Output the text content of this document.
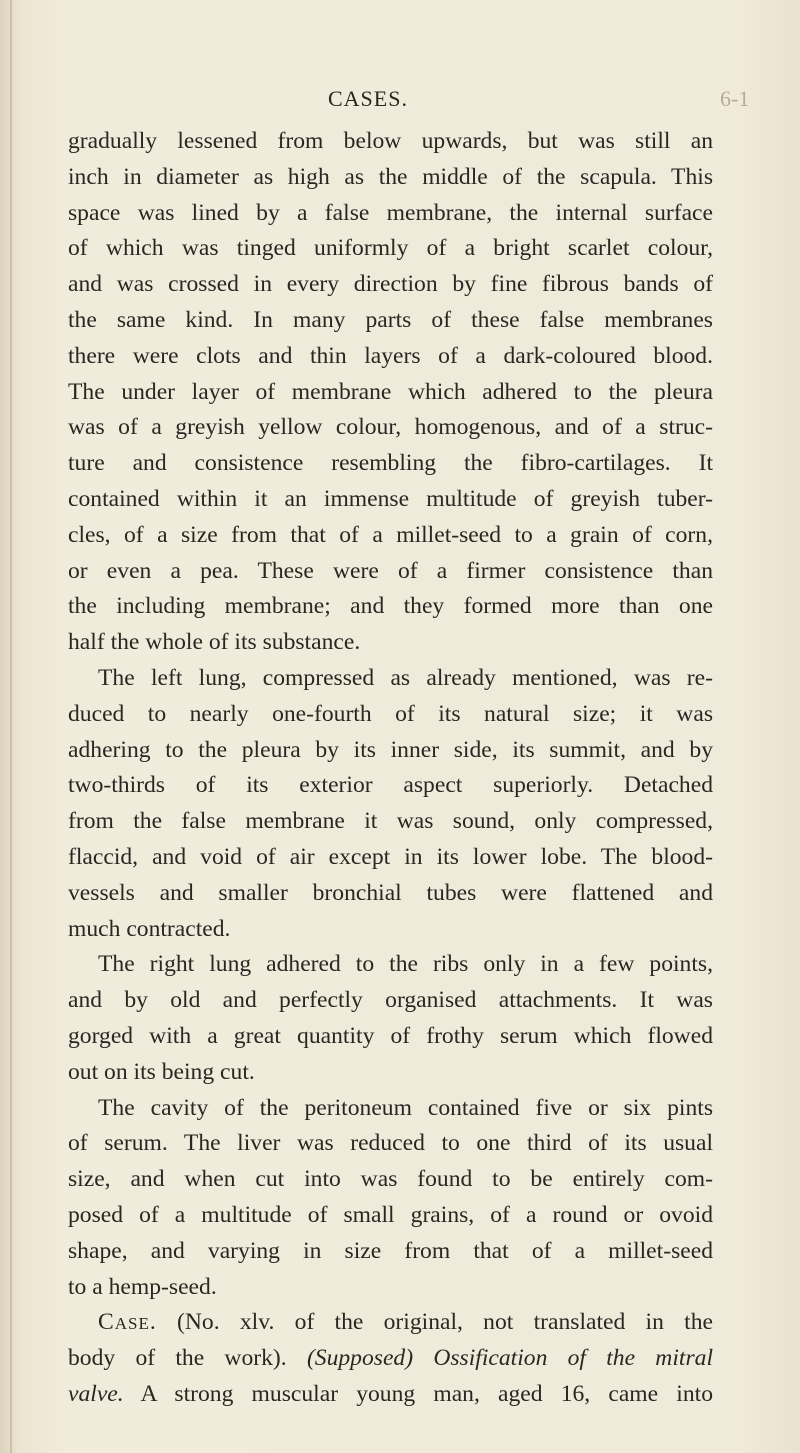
CASES.	6-1
gradually lessened from below upwards, but was still an
inch in diameter as high as the middle of the scapula. This
space was lined by a false membrane, the internal surface
of which was tinged uniformly of a bright scarlet colour,
and was crossed in every direction by fine fibrous bands of
the same kind. In many parts of these false membranes
there were clots and thin layers of a dark-coloured blood.
The under layer of membrane which adhered to the pleura
was of a greyish yellow colour, homogenous, and of a struc-
ture and consistence resembling the fibro-cartilages. It
contained within it an immense multitude of greyish tuber-
cles, of a size from that of a millet-seed to a grain of corn,
or even a pea. These were of a firmer consistence than
the including membrane; and they formed more than one
half the whole of its substance.
The left lung, compressed as already mentioned, was re-
duced to nearly one-fourth of its natural size; it was
adhering to the pleura by its inner side, its summit, and by
two-thirds of its exterior aspect superiorly. Detached
from the false membrane it was sound, only compressed,
flaccid, and void of air except in its lower lobe. The blood-
vessels and smaller bronchial tubes were flattened and
much contracted.
The right lung adhered to the ribs only in a few points,
and by old and perfectly organised attachments. It was
gorged with a great quantity of frothy serum which flowed
out on its being cut.
The cavity of the peritoneum contained five or six pints
of serum. The liver was reduced to one third of its usual
size, and when cut into was found to be entirely com-
posed of a multitude of small grains, of a round or ovoid
shape, and varying in size from that of a millet-seed
to a hemp-seed.
Case. (No. xlv. of the original, not translated in the
body of the work). (Supposed) Ossification of the mitral
valve. A strong muscular young man, aged 16, came into
